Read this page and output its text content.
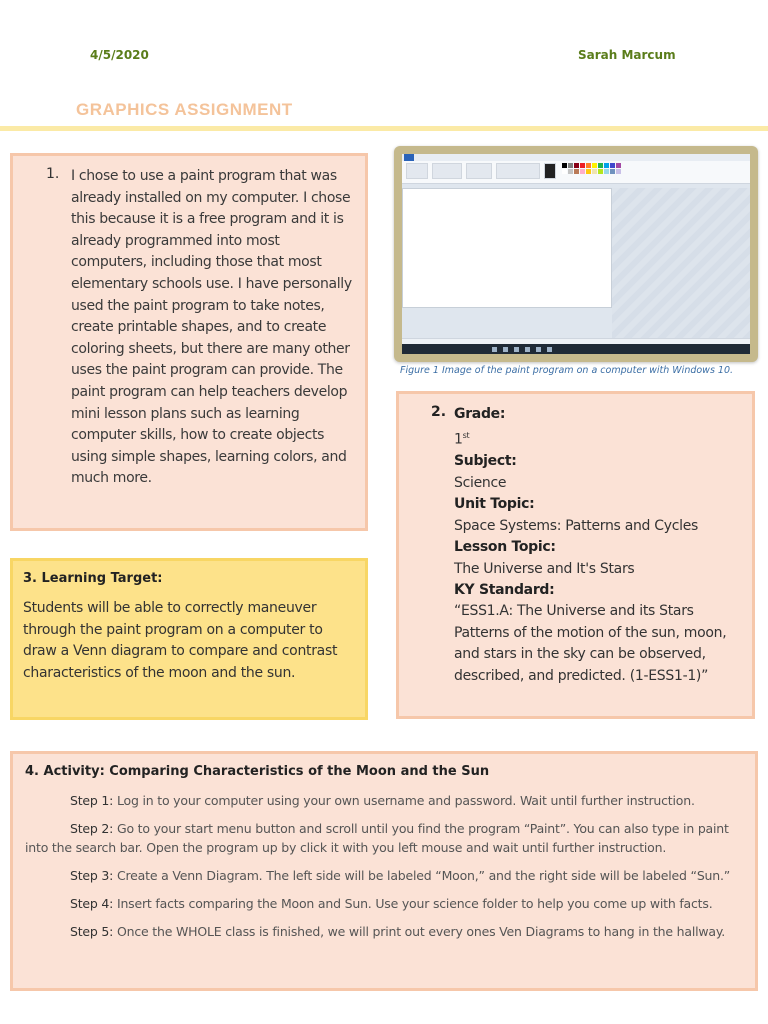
4/5/2020	Sarah Marcum
GRAPHICS ASSIGNMENT
1. I chose to use a paint program that was already installed on my computer. I chose this because it is a free program and it is already programmed into most computers, including those that most elementary schools use. I have personally used the paint program to take notes, create printable shapes, and to create coloring sheets, but there are many other uses the paint program can provide. The paint program can help teachers develop mini lesson plans such as learning computer skills, how to create objects using simple shapes, learning colors, and much more.

Figure 1 Image of the paint program on a computer with Windows 10.
2. Grade:
1st
Subject:
Science
Unit Topic:
Space Systems: Patterns and Cycles
Lesson Topic:
The Universe and It's Stars
KY Standard:
“ESS1.A: The Universe and its Stars
Patterns of the motion of the sun, moon,
and stars in the sky can be observed, described, and predicted. (1-ESS1-1)”
3. Learning Target:

Students will be able to correctly maneuver through the paint program on a computer to draw a Venn diagram to compare and contrast characteristics of the moon and the sun.

4. Activity: Comparing Characteristics of the Moon and the Sun

Step 1: Log in to your computer using your own username and password. Wait until further instruction.

Step 2: Go to your start menu button and scroll until you find the program “Paint”. You can also type in paint into the search bar. Open the program up by click it with you left mouse and wait until further instruction.

Step 3: Create a Venn Diagram. The left side will be labeled “Moon,” and the right side will be labeled “Sun.”

Step 4: Insert facts comparing the Moon and Sun. Use your science folder to help you come up with facts.

Step 5: Once the WHOLE class is finished, we will print out every ones Ven Diagrams to hang in the hallway.
